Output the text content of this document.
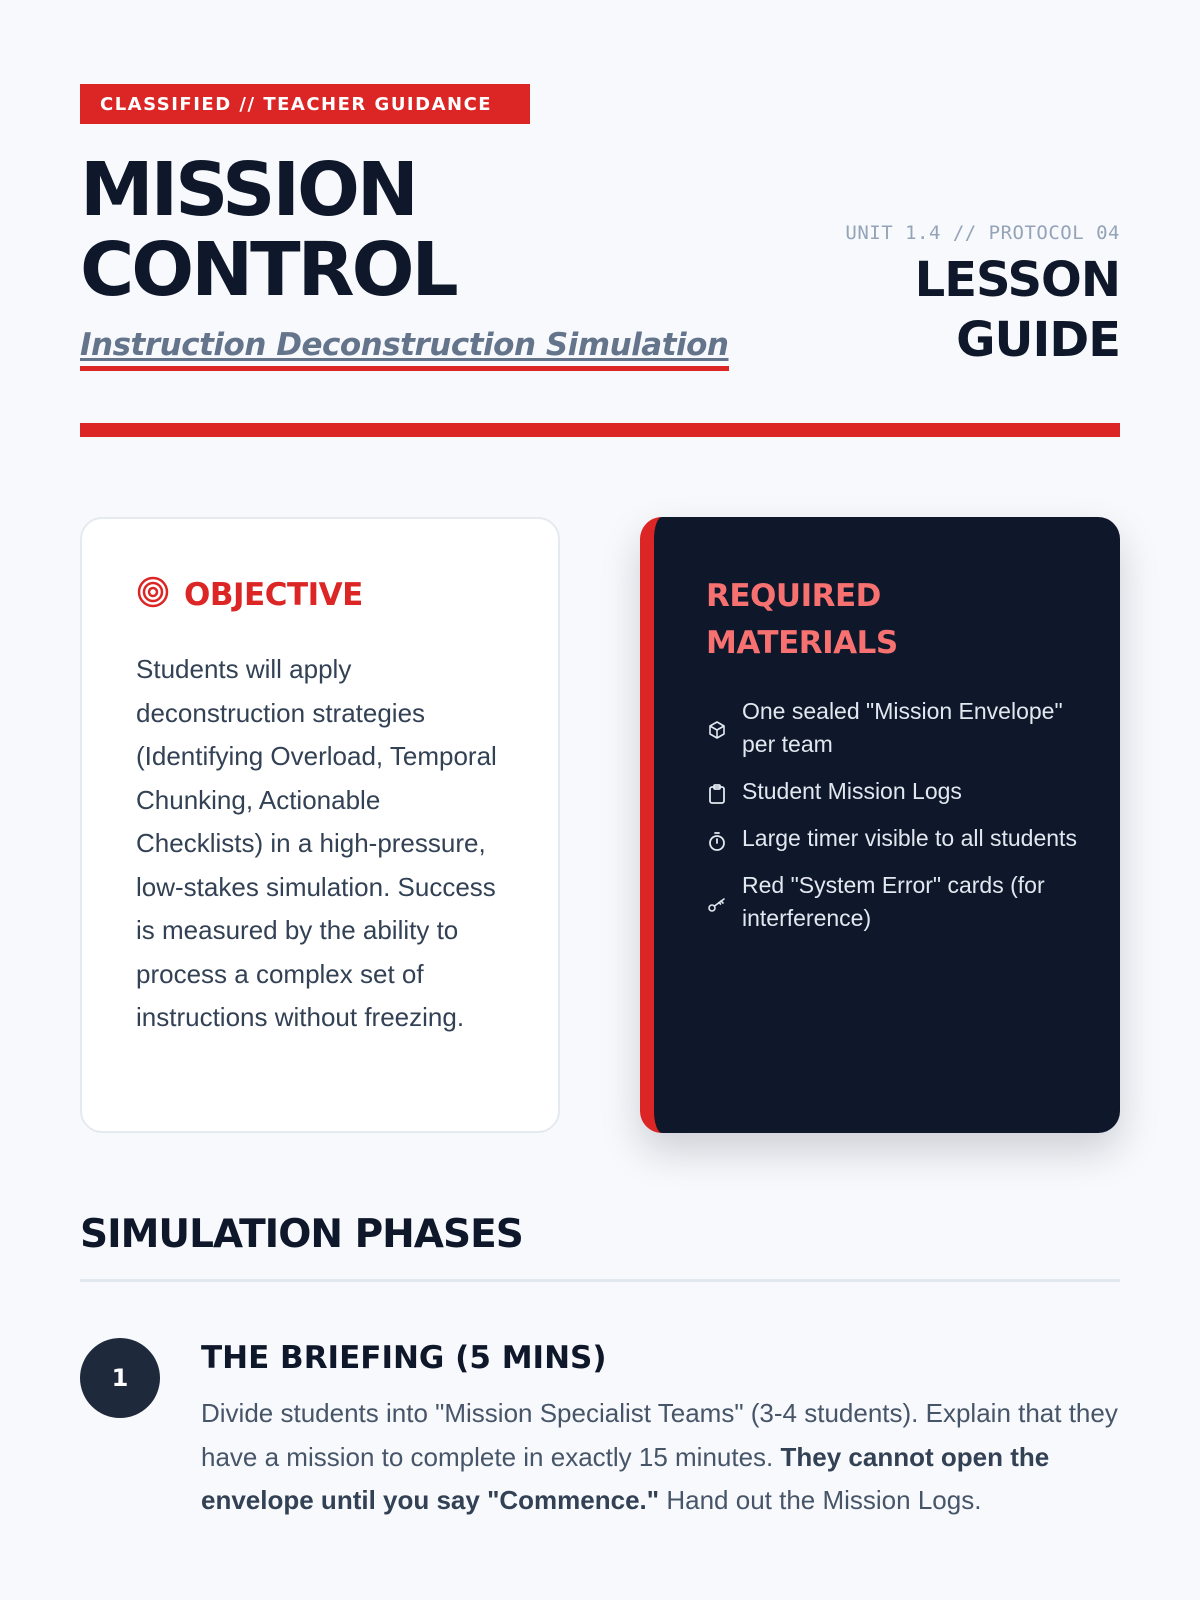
CLASSIFIED // TEACHER GUIDANCE
MISSION
CONTROL
Instruction Deconstruction Simulation
UNIT 1.4 // PROTOCOL 04
LESSON
GUIDE
OBJECTIVE

Students will apply deconstruction strategies (Identifying Overload, Temporal Chunking, Actionable Checklists) in a high-pressure, low-stakes simulation. Success is measured by the ability to process a complex set of instructions without freezing.

REQUIRED MATERIALS
One sealed "Mission Envelope" per team
Student Mission Logs
Large timer visible to all students
Red "System Error" cards (for interference)
SIMULATION PHASES
1
THE BRIEFING (5 MINS)

Divide students into "Mission Specialist Teams" (3-4 students). Explain that they have a mission to complete in exactly 15 minutes. They cannot open the envelope until you say "Commence." Hand out the Mission Logs.
